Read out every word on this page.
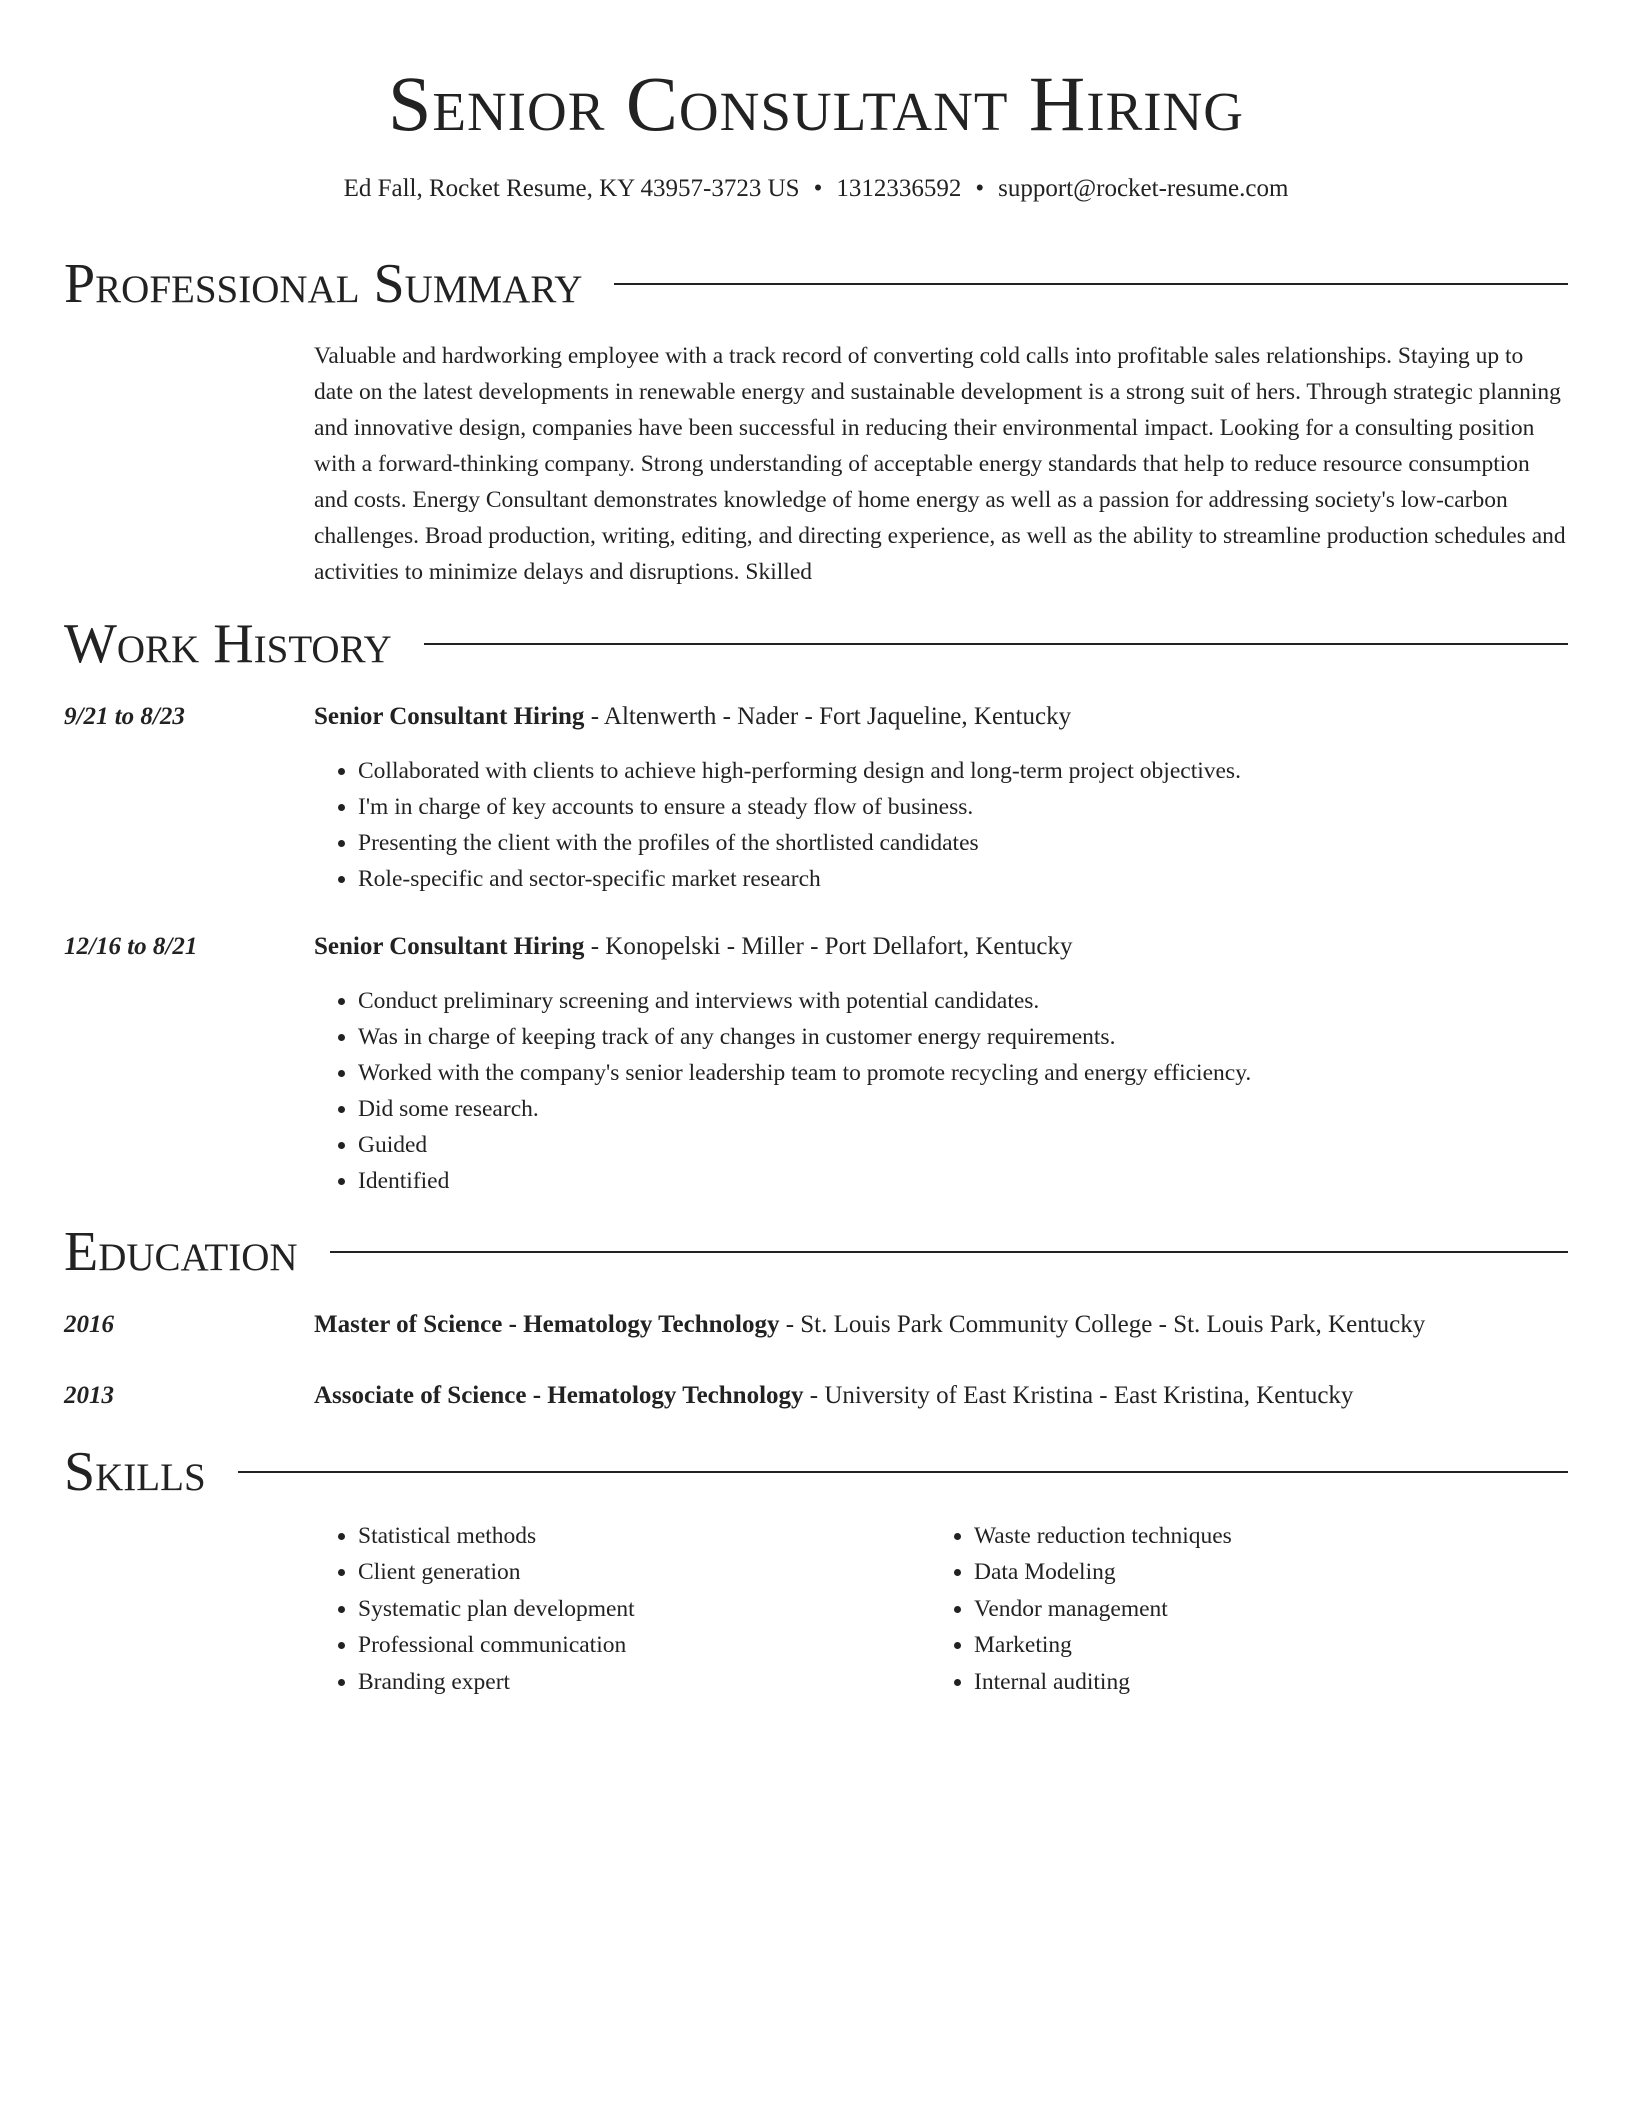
Senior Consultant Hiring

Ed Fall, Rocket Resume, KY 43957-3723 US • 1312336592 • support@rocket-resume.com

Professional Summary

Valuable and hardworking employee with a track record of converting cold calls into profitable sales relationships. Staying up to date on the latest developments in renewable energy and sustainable development is a strong suit of hers. Through strategic planning and innovative design, companies have been successful in reducing their environmental impact. Looking for a consulting position with a forward-thinking company. Strong understanding of acceptable energy standards that help to reduce resource consumption and costs. Energy Consultant demonstrates knowledge of home energy as well as a passion for addressing society's low-carbon challenges. Broad production, writing, editing, and directing experience, as well as the ability to streamline production schedules and activities to minimize delays and disruptions. Skilled

Work History
9/21 to 8/23	Senior Consultant Hiring - Altenwerth - Nader - Fort Jaqueline, Kentucky
• Collaborated with clients to achieve high-performing design and long-term project objectives.
• I'm in charge of key accounts to ensure a steady flow of business.
• Presenting the client with the profiles of the shortlisted candidates
• Role-specific and sector-specific market research
12/16 to 8/21	Senior Consultant Hiring - Konopelski - Miller - Port Dellafort, Kentucky
• Conduct preliminary screening and interviews with potential candidates.
• Was in charge of keeping track of any changes in customer energy requirements.
• Worked with the company's senior leadership team to promote recycling and energy efficiency.
• Did some research.
• Guided
• Identified
Education
2016	Master of Science - Hematology Technology - St. Louis Park Community College - St. Louis Park, Kentucky
2013	Associate of Science - Hematology Technology - University of East Kristina - East Kristina, Kentucky
Skills
• Statistical methods
• Client generation
• Systematic plan development
• Professional communication
• Branding expert
• Waste reduction techniques
• Data Modeling
• Vendor management
• Marketing
• Internal auditing
